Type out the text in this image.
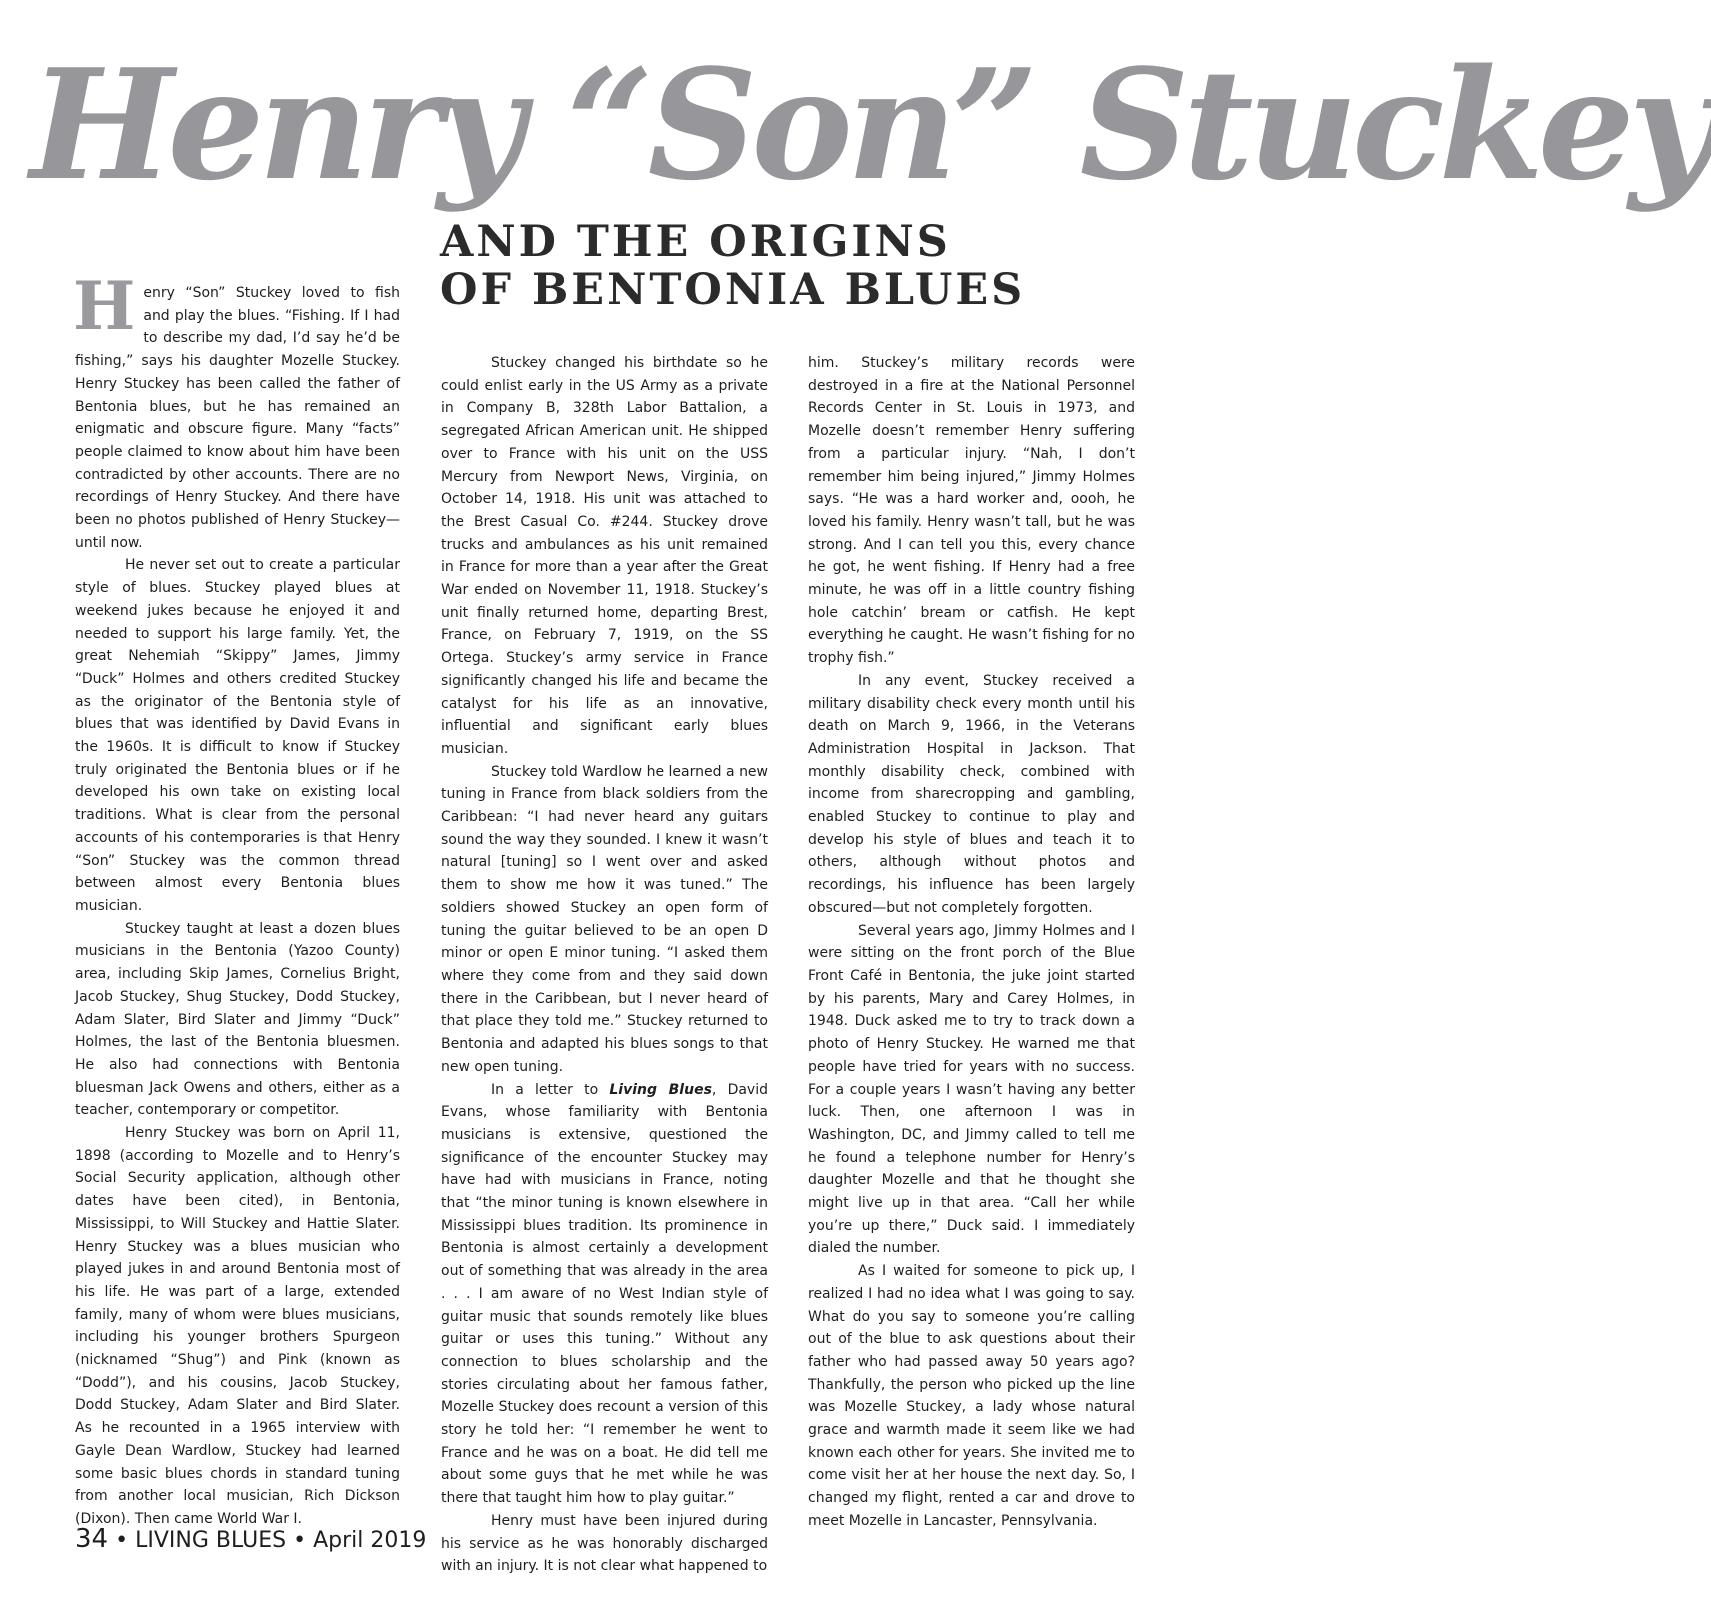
Henry “Son” Stuckey
AND THE ORIGINS
OF BENTONIA BLUES

Henry “Son” Stuckey loved to fish and play the blues. “Fishing. If I had to describe my dad, I’d say he’d be fishing,” says his daughter Mozelle Stuckey. Henry Stuckey has been called the father of Bentonia blues, but he has remained an enigmatic and obscure figure. Many “facts” people claimed to know about him have been contradicted by other accounts. There are no recordings of Henry Stuckey. And there have been no photos published of Henry Stuckey—until now.

He never set out to create a particular style of blues. Stuckey played blues at weekend jukes because he enjoyed it and needed to support his large family. Yet, the great Nehemiah “Skippy” James, Jimmy “Duck” Holmes and others credited Stuckey as the originator of the Bentonia style of blues that was identified by David Evans in the 1960s. It is difficult to know if Stuckey truly originated the Bentonia blues or if he developed his own take on existing local traditions. What is clear from the personal accounts of his contemporaries is that Henry “Son” Stuckey was the common thread between almost every Bentonia blues musician.

Stuckey taught at least a dozen blues musicians in the Bentonia (Yazoo County) area, including Skip James, Cornelius Bright, Jacob Stuckey, Shug Stuckey, Dodd Stuckey, Adam Slater, Bird Slater and Jimmy “Duck” Holmes, the last of the Bentonia bluesmen. He also had connections with Bentonia bluesman Jack Owens and others, either as a teacher, contemporary or competitor.

Henry Stuckey was born on April 11, 1898 (according to Mozelle and to Henry’s Social Security application, although other dates have been cited), in Bentonia, Mississippi, to Will Stuckey and Hattie Slater. Henry Stuckey was a blues musician who played jukes in and around Bentonia most of his life. He was part of a large, extended family, many of whom were blues musicians, including his younger brothers Spurgeon (nicknamed “Shug”) and Pink (known as “Dodd”), and his cousins, Jacob Stuckey, Dodd Stuckey, Adam Slater and Bird Slater. As he recounted in a 1965 interview with Gayle Dean Wardlow, Stuckey had learned some basic blues chords in standard tuning from another local musician, Rich Dickson (Dixon). Then came World War I.

Stuckey changed his birthdate so he could enlist early in the US Army as a private in Company B, 328th Labor Battalion, a segregated African American unit. He shipped over to France with his unit on the USS Mercury from Newport News, Virginia, on October 14, 1918. His unit was attached to the Brest Casual Co. #244. Stuckey drove trucks and ambulances as his unit remained in France for more than a year after the Great War ended on November 11, 1918. Stuckey’s unit finally returned home, departing Brest, France, on February 7, 1919, on the SS Ortega. Stuckey’s army service in France significantly changed his life and became the catalyst for his life as an innovative, influential and significant early blues musician.

Stuckey told Wardlow he learned a new tuning in France from black soldiers from the Caribbean: “I had never heard any guitars sound the way they sounded. I knew it wasn’t natural [tuning] so I went over and asked them to show me how it was tuned.” The soldiers showed Stuckey an open form of tuning the guitar believed to be an open D minor or open E minor tuning. “I asked them where they come from and they said down there in the Caribbean, but I never heard of that place they told me.” Stuckey returned to Bentonia and adapted his blues songs to that new open tuning.

In a letter to Living Blues, David Evans, whose familiarity with Bentonia musicians is extensive, questioned the significance of the encounter Stuckey may have had with musicians in France, noting that “the minor tuning is known elsewhere in Mississippi blues tradition. Its prominence in Bentonia is almost certainly a development out of something that was already in the area . . . I am aware of no West Indian style of guitar music that sounds remotely like blues guitar or uses this tuning.” Without any connection to blues scholarship and the stories circulating about her famous father, Mozelle Stuckey does recount a version of this story he told her: “I remember he went to France and he was on a boat. He did tell me about some guys that he met while he was there that taught him how to play guitar.”

Henry must have been injured during his service as he was honorably discharged with an injury. It is not clear what happened to

him. Stuckey’s military records were destroyed in a fire at the National Personnel Records Center in St. Louis in 1973, and Mozelle doesn’t remember Henry suffering from a particular injury. “Nah, I don’t remember him being injured,” Jimmy Holmes says. “He was a hard worker and, oooh, he loved his family. Henry wasn’t tall, but he was strong. And I can tell you this, every chance he got, he went fishing. If Henry had a free minute, he was off in a little country fishing hole catchin’ bream or catfish. He kept everything he caught. He wasn’t fishing for no trophy fish.”

In any event, Stuckey received a military disability check every month until his death on March 9, 1966, in the Veterans Administration Hospital in Jackson. That monthly disability check, combined with income from sharecropping and gambling, enabled Stuckey to continue to play and develop his style of blues and teach it to others, although without photos and recordings, his influence has been largely obscured—but not completely forgotten.

Several years ago, Jimmy Holmes and I were sitting on the front porch of the Blue Front Café in Bentonia, the juke joint started by his parents, Mary and Carey Holmes, in 1948. Duck asked me to try to track down a photo of Henry Stuckey. He warned me that people have tried for years with no success. For a couple years I wasn’t having any better luck. Then, one afternoon I was in Washington, DC, and Jimmy called to tell me he found a telephone number for Henry’s daughter Mozelle and that he thought she might live up in that area. “Call her while you’re up there,” Duck said. I immediately dialed the number.

As I waited for someone to pick up, I realized I had no idea what I was going to say. What do you say to someone you’re calling out of the blue to ask questions about their father who had passed away 50 years ago? Thankfully, the person who picked up the line was Mozelle Stuckey, a lady whose natural grace and warmth made it seem like we had known each other for years. She invited me to come visit her at her house the next day. So, I changed my flight, rented a car and drove to meet Mozelle in Lancaster, Pennsylvania.

34 • LIVING BLUES • April 2019
